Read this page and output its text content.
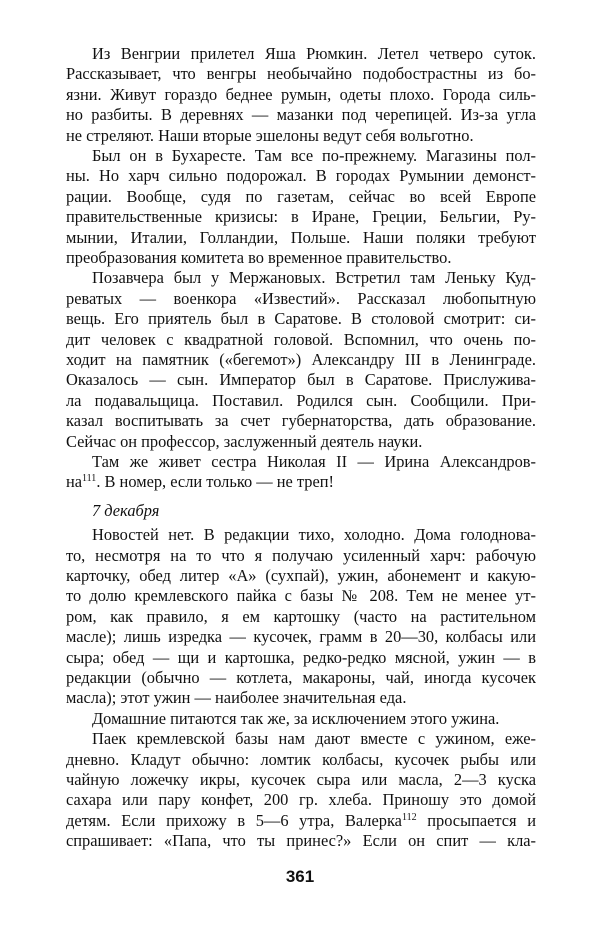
Из Венгрии прилетел Яша Рюмкин. Летел четверо суток.
Рассказывает, что венгры необычайно подобострастны из бо-
язни. Живут гораздо беднее румын, одеты плохо. Города силь-
но разбиты. В деревнях — мазанки под черепицей. Из-за угла
не стреляют. Наши вторые эшелоны ведут себя вольготно.
Был он в Бухаресте. Там все по-прежнему. Магазины пол-
ны. Но харч сильно подорожал. В городах Румынии демонст-
рации. Вообще, судя по газетам, сейчас во всей Европе
правительственные кризисы: в Иране, Греции, Бельгии, Ру-
мынии, Италии, Голландии, Польше. Наши поляки требуют
преобразования комитета во временное правительство.
Позавчера был у Мержановых. Встретил там Леньку Куд-
реватых — военкора «Известий». Рассказал любопытную
вещь. Его приятель был в Саратове. В столовой смотрит: си-
дит человек с квадратной головой. Вспомнил, что очень по-
ходит на памятник («бегемот») Александру III в Ленинграде.
Оказалось — сын. Император был в Саратове. Прислужива-
ла подавальщица. Поставил. Родился сын. Сообщили. При-
казал воспитывать за счет губернаторства, дать образование.
Сейчас он профессор, заслуженный деятель науки.
Там же живет сестра Николая II — Ирина Александров-
$на^{111}$. В номер, если только — не треп!
7 декабря
Новостей нет. В редакции тихо, холодно. Дома голоднова-
то, несмотря на то что я получаю усиленный харч: рабочую
карточку, обед литер «А» (сухпай), ужин, абонемент и какую-
то долю кремлевского пайка с базы № 208. Тем не менее ут-
ром, как правило, я ем картошку (часто на растительном
масле); лишь изредка — кусочек, грамм в 20—30, колбасы или
сыра; обед — щи и картошка, редко-редко мясной, ужин — в
редакции (обычно — котлета, макароны, чай, иногда кусочек
масла); этот ужин — наиболее значительная еда.
Домашние питаются так же, за исключением этого ужина.
Паек кремлевской базы нам дают вместе с ужином, еже-
дневно. Кладут обычно: ломтик колбасы, кусочек рыбы или
чайную ложечку икры, кусочек сыра или масла, 2—3 куска
сахара или пару конфет, 200 гр. хлеба. Приношу это домой
детям. Если прихожу в 5—6 утра, Валерка$^{112}$ просыпается и
спрашивает: «Папа, что ты принес?» Если он спит — кла-
361
